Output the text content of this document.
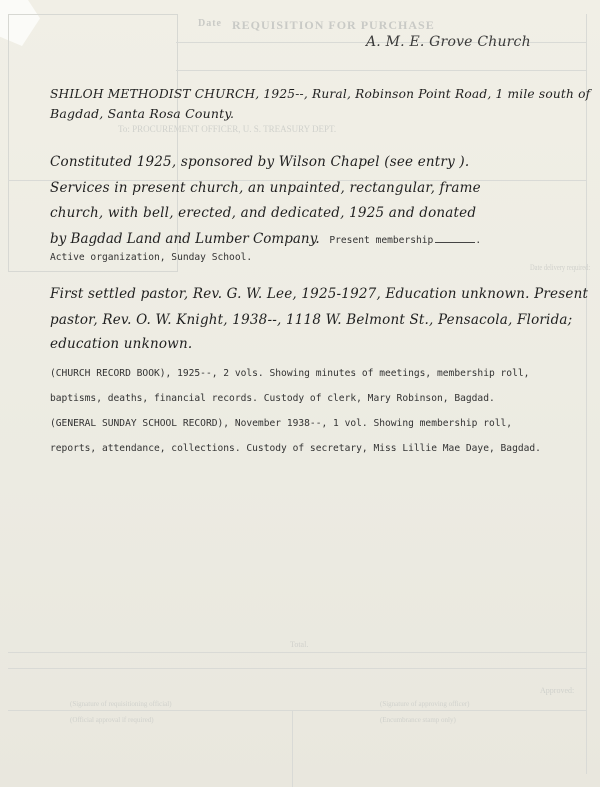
REQUISITION FOR PURCHASE
Date
To: PROCUREMENT OFFICER, U. S. TREASURY DEPT.
Date delivery required:
Total.
Approved:
(Signature of requisitioning official)	(Signature of approving officer)
(Official approval if required)	(Encumbrance stamp only)
A. M. E. Grove Church
SHILOH METHODIST CHURCH, 1925--, Rural, Robinson Point Road, 1 mile south of
Bagdad, Santa Rosa County.
Constituted 1925, sponsored by Wilson Chapel (see entry ).
Services in present church, an unpainted, rectangular, frame
church, with bell, erected, and dedicated, 1925 and donated
by Bagdad Land and Lumber Company. Present membership	.
Active organization, Sunday School.
First settled pastor, Rev. G. W. Lee, 1925-1927, Education unknown. Present
pastor, Rev. O. W. Knight, 1938--, 1118 W. Belmont St., Pensacola, Florida;
education unknown.
(CHURCH RECORD BOOK), 1925--, 2 vols. Showing minutes of meetings, membership roll,
baptisms, deaths, financial records. Custody of clerk, Mary Robinson, Bagdad.
(GENERAL SUNDAY SCHOOL RECORD), November 1938--, 1 vol. Showing membership roll,
reports, attendance, collections. Custody of secretary, Miss Lillie Mae Daye, Bagdad.
